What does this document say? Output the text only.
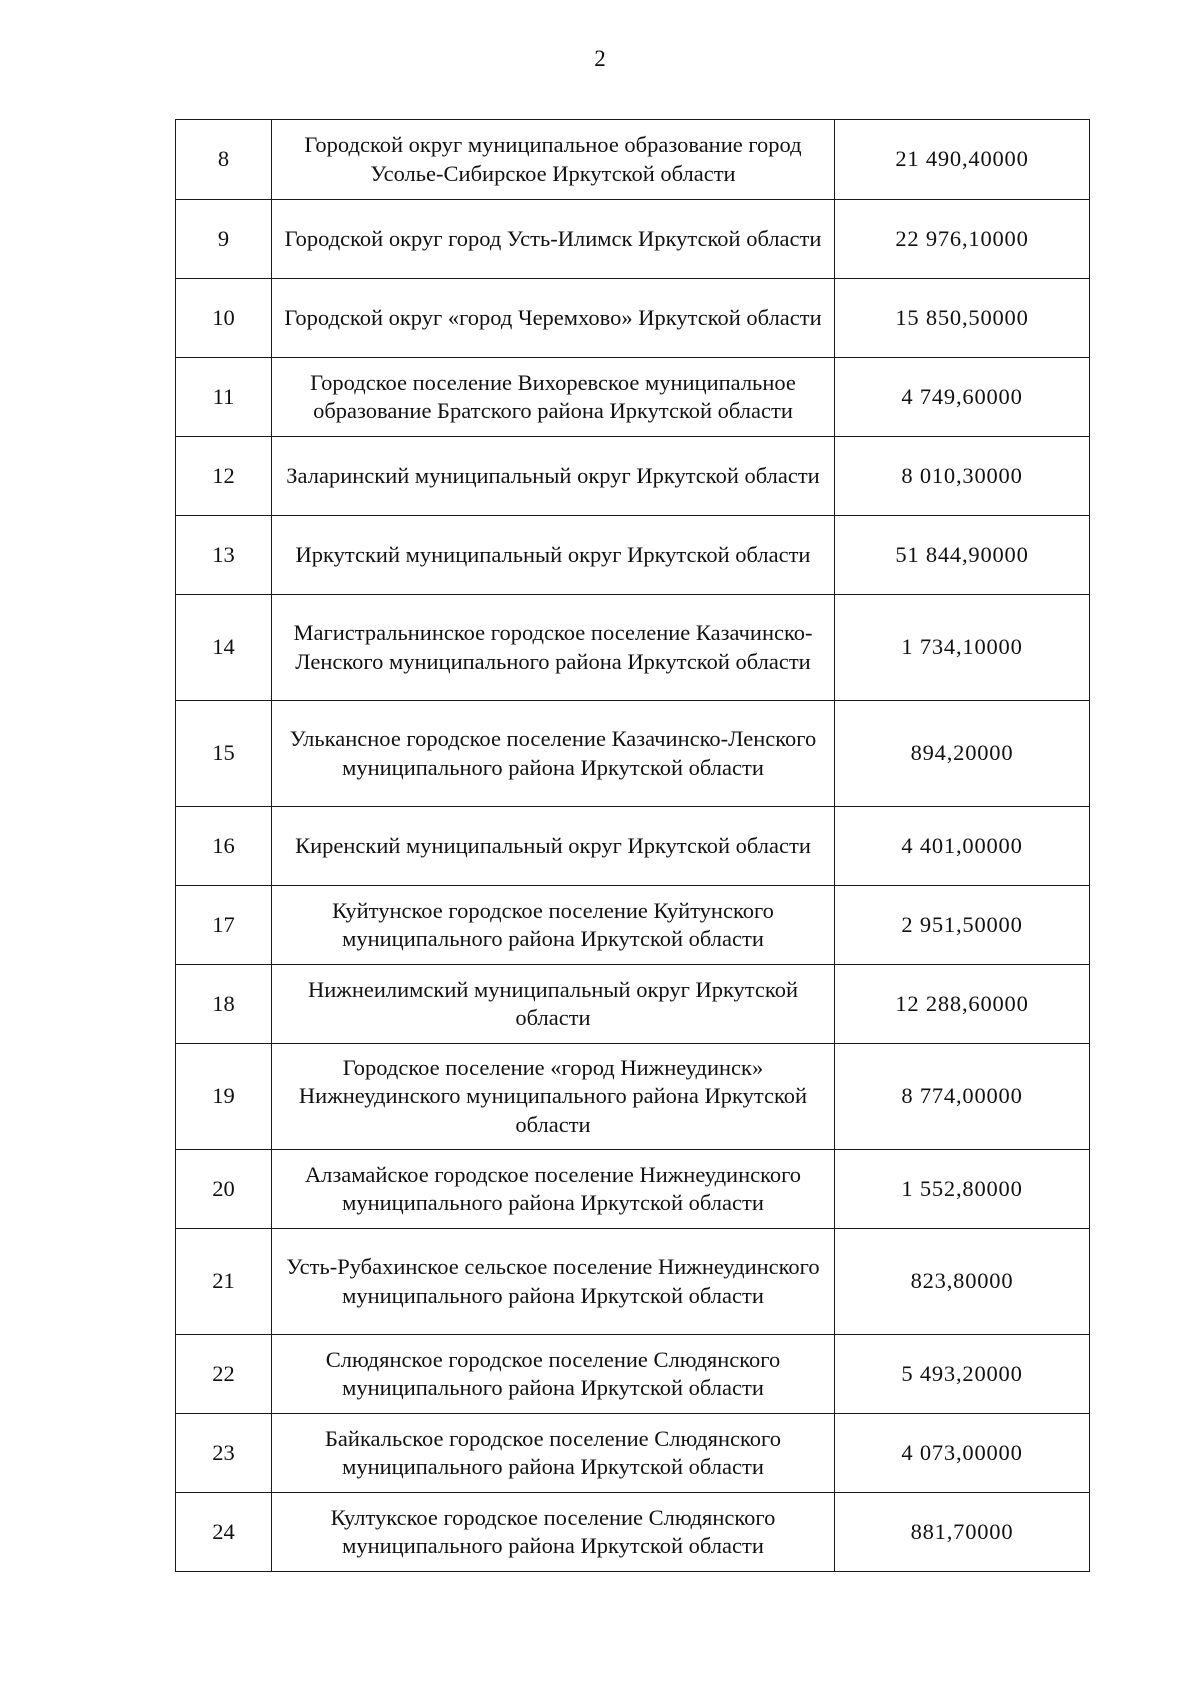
2
8	Городской округ муниципальное образование город Усолье-Сибирское Иркутской области	21 490,40000
9	Городской округ город Усть-Илимск Иркутской области	22 976,10000
10	Городской округ «город Черемхово» Иркутской области	15 850,50000
11	Городское поселение Вихоревское муниципальное образование Братского района Иркутской области	4 749,60000
12	Заларинский муниципальный округ Иркутской области	8 010,30000
13	Иркутский муниципальный округ Иркутской области	51 844,90000
14	Магистральнинское городское поселение Казачинско-Ленского муниципального района Иркутской области	1 734,10000
15	Улькансное городское поселение Казачинско-Ленского муниципального района Иркутской области	894,20000
16	Киренский муниципальный округ Иркутской области	4 401,00000
17	Куйтунское городское поселение Куйтунского муниципального района Иркутской области	2 951,50000
18	Нижнеилимский муниципальный округ Иркутской области	12 288,60000
19	Городское поселение «город Нижнеудинск» Нижнеудинского муниципального района Иркутской области	8 774,00000
20	Алзамайское городское поселение Нижнеудинского муниципального района Иркутской области	1 552,80000
21	Усть-Рубахинское сельское поселение Нижнеудинского муниципального района Иркутской области	823,80000
22	Слюдянское городское поселение Слюдянского муниципального района Иркутской области	5 493,20000
23	Байкальское городское поселение Слюдянского муниципального района Иркутской области	4 073,00000
24	Култукское городское поселение Слюдянского муниципального района Иркутской области	881,70000
